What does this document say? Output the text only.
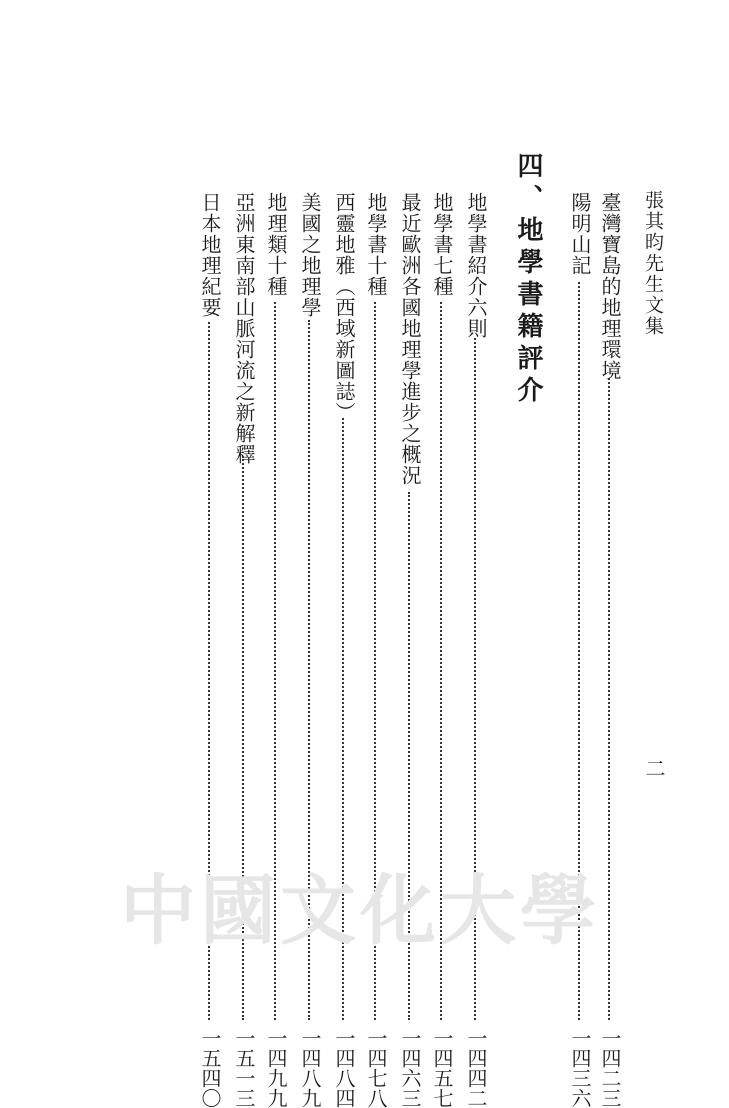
張其昀先生文集
二
四、地學書籍評介	臺灣寶島的地理環境
一四二三
陽明山記
一四三六
地學書紹介六則
一四四二
地學書七種
一四五七
最近歐洲各國地理學進步之概況
一四六三
地學書十種
一四七八
西靈地雅（西域新圖誌）
一四八四
美國之地理學
一四八九
地理類十種
一四九九
亞洲東南部山脈河流之新解釋
一五一三
日本地理紀要
一五四〇
中國文化大學
